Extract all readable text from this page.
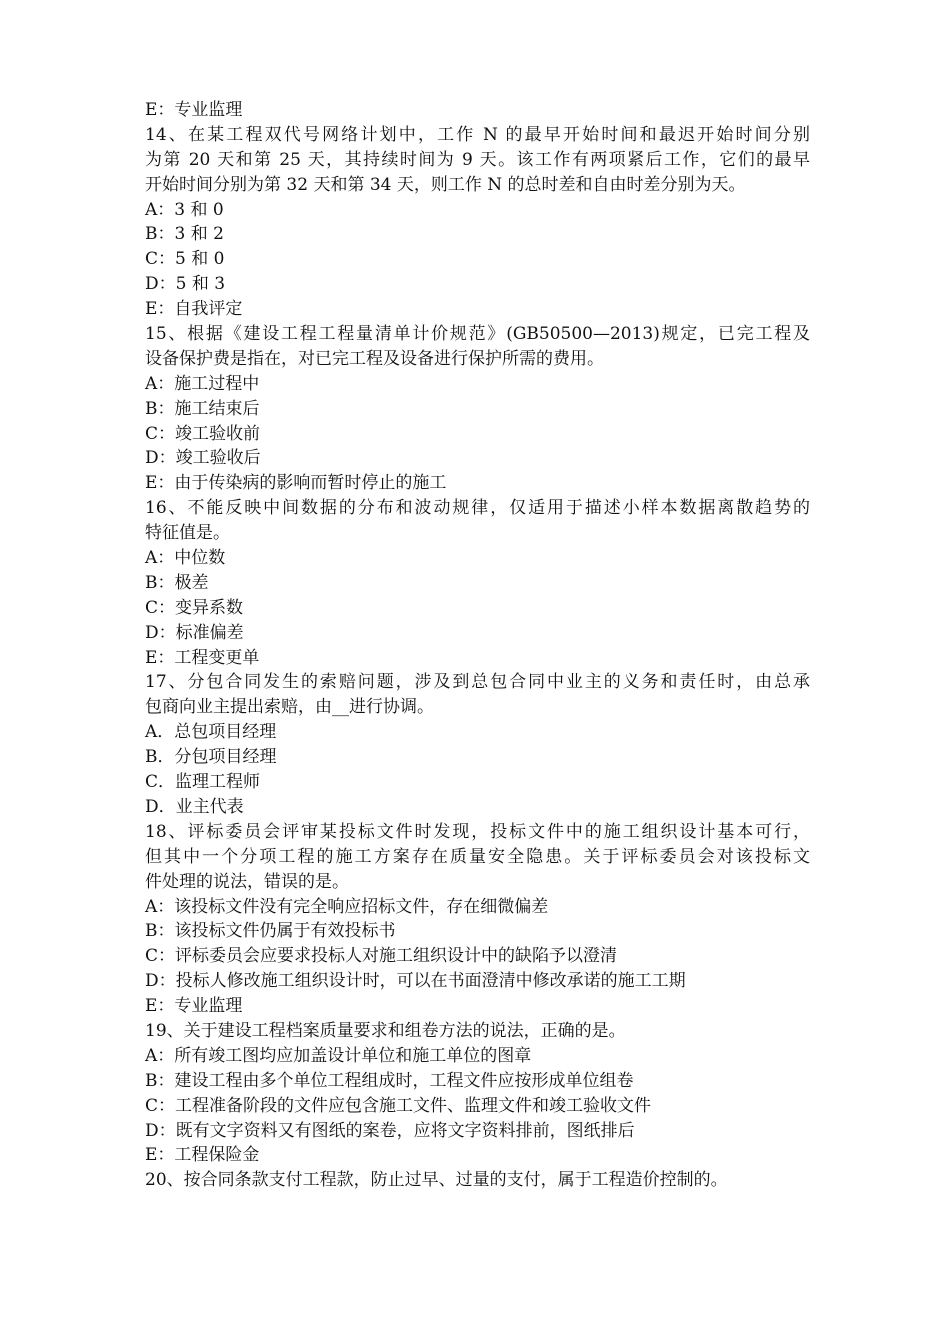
E：专业监理
14、在某工程双代号网络计划中，工作 N 的最早开始时间和最迟开始时间分别
为第 20 天和第 25 天，其持续时间为 9 天。该工作有两项紧后工作，它们的最早
开始时间分别为第 32 天和第 34 天，则工作 N 的总时差和自由时差分别为天。
A：3 和 0
B：3 和 2
C：5 和 0
D：5 和 3
E：自我评定
15、根据《建设工程工程量清单计价规范》(GB50500—2013)规定，已完工程及
设备保护费是指在，对已完工程及设备进行保护所需的费用。
A：施工过程中
B：施工结束后
C：竣工验收前
D：竣工验收后
E：由于传染病的影响而暂时停止的施工
16、不能反映中间数据的分布和波动规律，仅适用于描述小样本数据离散趋势的
特征值是。
A：中位数
B：极差
C：变异系数
D：标准偏差
E：工程变更单
17、分包合同发生的索赔问题，涉及到总包合同中业主的义务和责任时，由总承
包商向业主提出索赔，由__进行协调。
A．总包项目经理
B．分包项目经理
C．监理工程师
D．业主代表
18、评标委员会评审某投标文件时发现，投标文件中的施工组织设计基本可行，
但其中一个分项工程的施工方案存在质量安全隐患。关于评标委员会对该投标文
件处理的说法，错误的是。
A：该投标文件没有完全响应招标文件，存在细微偏差
B：该投标文件仍属于有效投标书
C：评标委员会应要求投标人对施工组织设计中的缺陷予以澄清
D：投标人修改施工组织设计时，可以在书面澄清中修改承诺的施工工期
E：专业监理
19、关于建设工程档案质量要求和组卷方法的说法，正确的是。
A：所有竣工图均应加盖设计单位和施工单位的图章
B：建设工程由多个单位工程组成时，工程文件应按形成单位组卷
C：工程准备阶段的文件应包含施工文件、监理文件和竣工验收文件
D：既有文字资料又有图纸的案卷，应将文字资料排前，图纸排后
E：工程保险金
20、按合同条款支付工程款，防止过早、过量的支付，属于工程造价控制的。
